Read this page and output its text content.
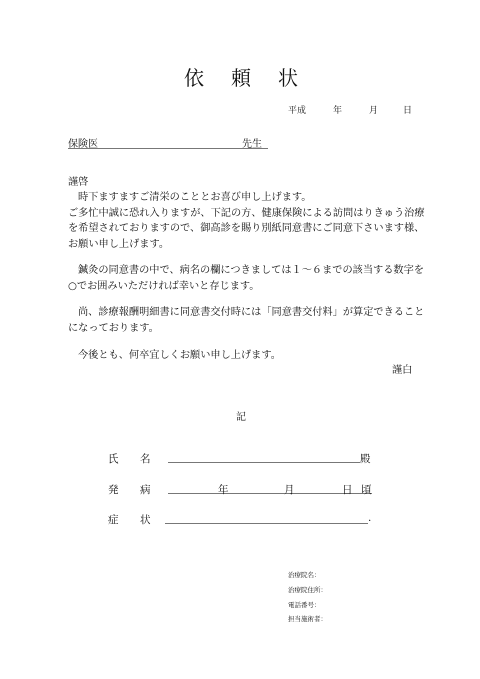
依 頼 状
平成	年	月	日
保険医	先生
謹啓
時下ますますご清栄のこととお喜び申し上げます。
ご多忙中誠に恐れ入りますが、下記の方、健康保険による訪問はりきゅう治療
を希望されておりますので、御高診を賜り別紙同意書にご同意下さいます様、
お願い申し上げます。
鍼灸の同意書の中で、病名の欄につきましては１～６までの該当する数字を
○でお囲みいただければ幸いと存じます。
尚、診療報酬明細書に同意書交付時には「同意書交付料」が算定できること
になっております。
今後とも、何卒宜しくお願い申し上げます。
謹白
記
氏 名	殿
発 病	年	月	日 頃
症 状	.
治療院名：
治療院住所：
電話番号：
担当施術者：
